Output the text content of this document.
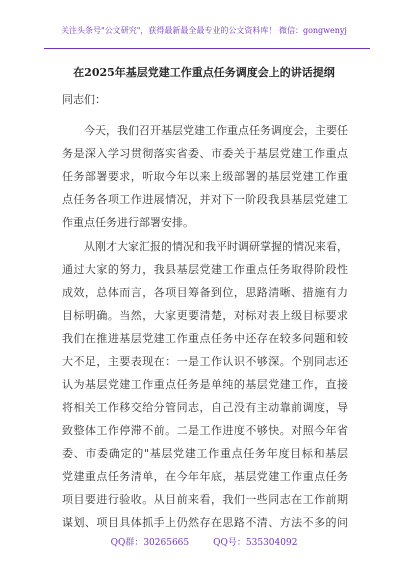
关注头条号"公文研究"，获得最新最全最专业的公文资料库！ 微信：gongwenyj
在2025年基层党建工作重点任务调度会上的讲话提纲
同志们：
今天，我们召开基层党建工作重点任务调度会，主要任
务是深入学习贯彻落实省委、市委关于基层党建工作重点
任务部署要求，听取今年以来上级部署的基层党建工作重
点任务各项工作进展情况，并对下一阶段我县基层党建工
作重点任务进行部署安排。
从刚才大家汇报的情况和我平时调研掌握的情况来看，
通过大家的努力，我县基层党建工作重点任务取得阶段性
成效，总体而言，各项目筹备到位，思路清晰、措施有力
目标明确。当然，大家更要清楚，对标对表上级目标要求
我们在推进基层党建工作重点任务中还存在较多问题和较
大不足，主要表现在：一是工作认识不够深。个别同志还
认为基层党建工作重点任务是单纯的基层党建工作，直接
将相关工作移交给分管同志，自己没有主动靠前调度，导
致整体工作停滞不前。二是工作进度不够快。对照今年省
委、市委确定的"基层党建工作重点任务年度目标和基层
党建重点任务清单，在今年年底，基层党建工作重点任务
项目要进行验收。从目前来看，我们一些同志在工作前期
谋划、项目具体抓手上仍然存在思路不清、方法不多的问
QQ群：30265665	QQ号：535304092
